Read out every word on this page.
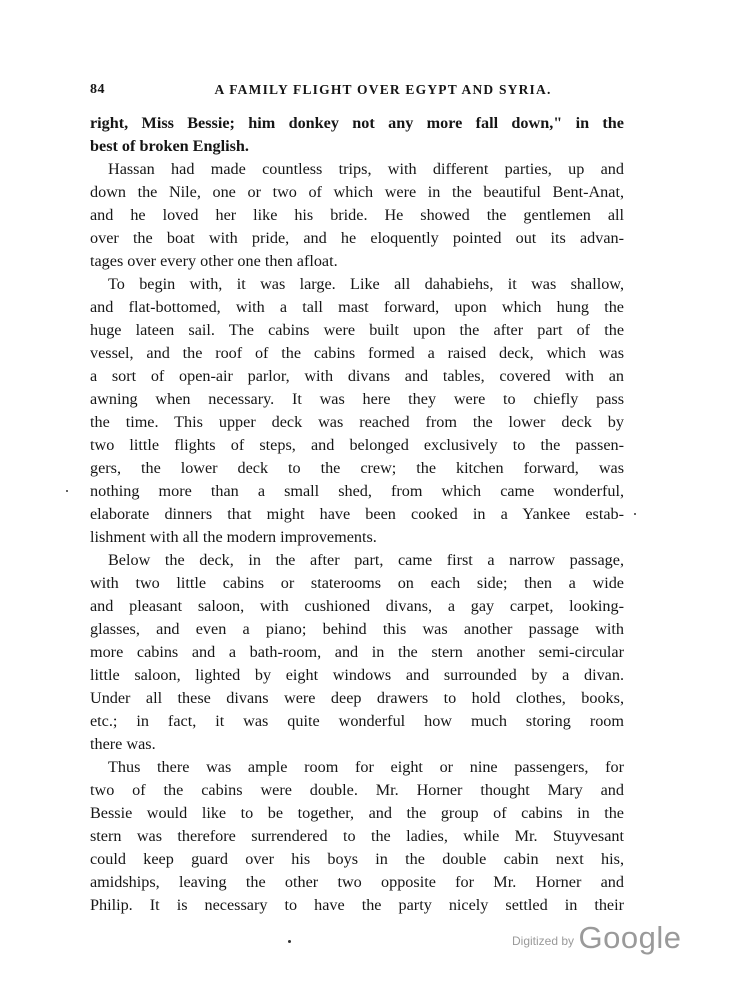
84	A FAMILY FLIGHT OVER EGYPT AND SYRIA.
right, Miss Bessie; him donkey not any more fall down," in the
best of broken English.
Hassan had made countless trips, with different parties, up and
down the Nile, one or two of which were in the beautiful Bent-Anat,
and he loved her like his bride. He showed the gentlemen all
over the boat with pride, and he eloquently pointed out its advan-
tages over every other one then afloat.
To begin with, it was large. Like all dahabiehs, it was shallow,
and flat-bottomed, with a tall mast forward, upon which hung the
huge lateen sail. The cabins were built upon the after part of the
vessel, and the roof of the cabins formed a raised deck, which was
a sort of open-air parlor, with divans and tables, covered with an
awning when necessary. It was here they were to chiefly pass
the time. This upper deck was reached from the lower deck by
two little flights of steps, and belonged exclusively to the passen-
gers, the lower deck to the crew; the kitchen forward, was
nothing more than a small shed, from which came wonderful,
elaborate dinners that might have been cooked in a Yankee estab-
lishment with all the modern improvements.
Below the deck, in the after part, came first a narrow passage,
with two little cabins or staterooms on each side; then a wide
and pleasant saloon, with cushioned divans, a gay carpet, looking-
glasses, and even a piano; behind this was another passage with
more cabins and a bath-room, and in the stern another semi-circular
little saloon, lighted by eight windows and surrounded by a divan.
Under all these divans were deep drawers to hold clothes, books,
etc.; in fact, it was quite wonderful how much storing room
there was.
Thus there was ample room for eight or nine passengers, for
two of the cabins were double. Mr. Horner thought Mary and
Bessie would like to be together, and the group of cabins in the
stern was therefore surrendered to the ladies, while Mr. Stuyvesant
could keep guard over his boys in the double cabin next his,
amidships, leaving the other two opposite for Mr. Horner and
Philip. It is necessary to have the party nicely settled in their
Digitized by Google
